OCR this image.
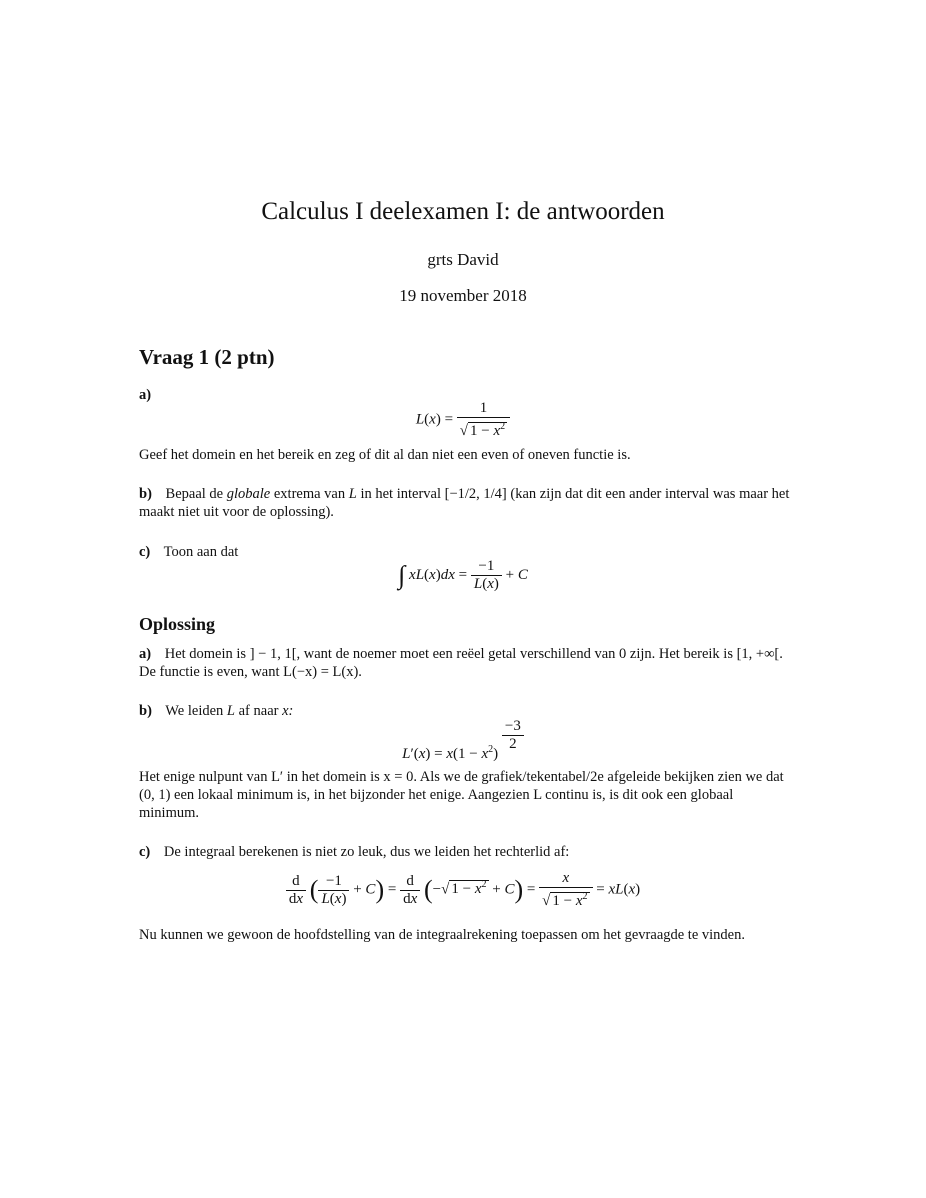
Calculus I deelexamen I: de antwoorden
grts David
19 november 2018
Vraag 1 (2 ptn)
a)
$L(x) = \frac{1}{√ 1 - x^2}$
Geef het domein en het bereik en zeg of dit al dan niet een even of oneven functie is.
b) Bepaal de globale extrema van L in het interval [−1/2, 1/4] (kan zijn dat dit een ander interval was maar het maakt niet uit voor de oplossing).
c) Toon aan dat
∫ $xL(x)dx = \frac{-1}{L(x)} + C$
Oplossing
a) Het domein is ] − 1, 1[, want de noemer moet een reëel getal verschillend van 0 zijn. Het bereik is [1, +∞[. De functie is even, want L(−x) = L(x).
b) We leiden L af naar x:
$L'(x) = x(1 - x^2)$
$\frac{-3}{2}$
Het enige nulpunt van L′ in het domein is x = 0. Als we de grafiek/tekentabel/2e afgeleide bekijken zien we dat (0, 1) een lokaal minimum is, in het bijzonder het enige. Aangezien L continu is, is dit ook een globaal minimum.
c) De integraal berekenen is niet zo leuk, dus we leiden het rechterlid af:
$\frac{d}{dx}$ ( $\frac{-1}{L(x)} + C) = \frac{d}{dx}$ (−√ $1 - x^2 + C) = \frac{x}{√ 1 - x^2} = xL(x)$
Nu kunnen we gewoon de hoofdstelling van de integraalrekening toepassen om het gevraagde te vinden.
